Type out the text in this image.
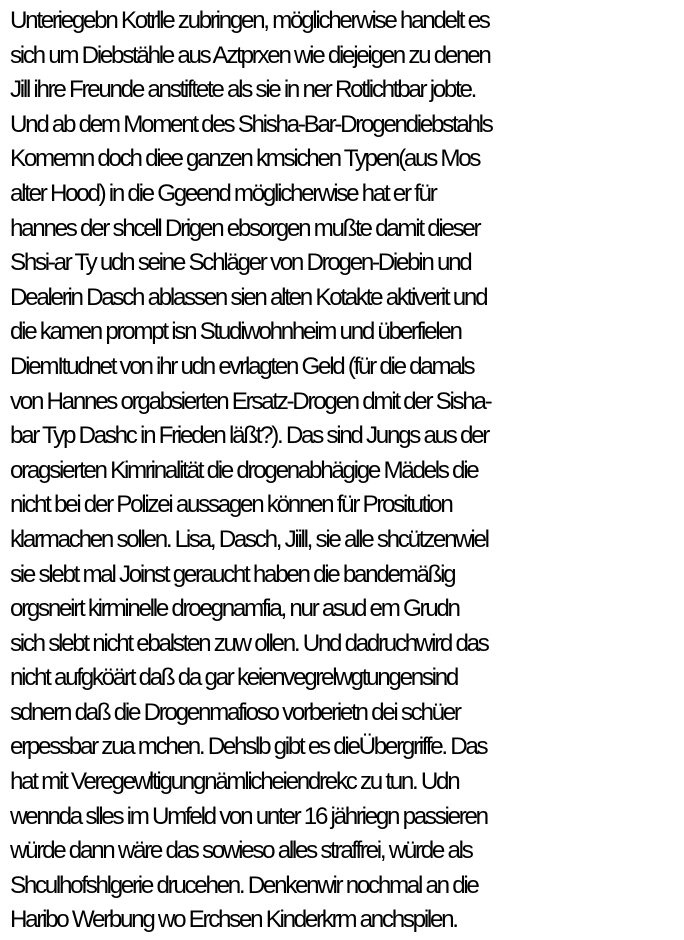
Unteriegebn Kotrlle zubringen, möglicherwise handelt es
sich um Diebstähle aus Aztprxen wie diejeigen zu denen
Jill ihre Freunde anstiftete als sie in ner Rotlichtbar jobte.
Und ab dem Moment des Shisha-Bar-Drogendiebstahls
Komemn doch diee ganzen kmsichen Typen(aus Mos
alter Hood) in die Ggeend möglicherwise hat er für
hannes der shcell Drigen ebsorgen mußte damit dieser
Shsi-ar Ty udn seine Schläger von Drogen-Diebin und
Dealerin Dasch ablassen sien alten Kotakte aktiverit und
die kamen prompt isn Studiwohnheim und überfielen
DiemItudnet von ihr udn evrlagten Geld (für die damals
von Hannes orgabsierten Ersatz-Drogen dmit der Sisha-
bar Typ Dashc in Frieden läßt?). Das sind Jungs aus der
oragsierten Kimrinalität die drogenabhägige Mädels die
nicht bei der Polizei aussagen können für Prositution
klarmachen sollen. Lisa, Dasch, Jiill, sie alle shcützenwiel
sie slebt mal Joinst geraucht haben die bandemäßig
orgsneirt kirminelle droegnamfia, nur asud em Grudn
sich slebt nicht ebalsten zuw ollen. Und dadruchwird das
nicht aufgköärt daß da gar keienvegrelwgtungensind
sdnern daß die Drogenmafioso vorberietn dei schüer
erpessbar zua mchen. Dehslb gibt es dieÜbergriffe. Das
hat mit Veregewltigungnämlicheiendrekc zu tun. Udn
wennda slles im Umfeld von unter 16 jähriegn passieren
würde dann wäre das sowieso alles straffrei, würde als
Shculhofshlgerie drucehen. Denkenwir nochmal an die
Haribo Werbung wo Erchsen Kinderkrm anchspilen.
